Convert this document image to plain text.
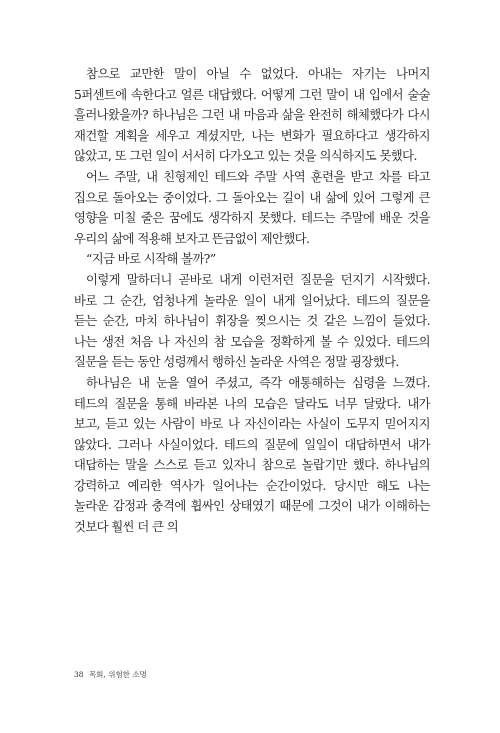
참으로 교만한 말이 아닐 수 없었다. 아내는 자기는 나머지 5퍼센트에 속한다고 얼른 대답했다. 어떻게 그런 말이 내 입에서 술술 흘러나왔을까? 하나님은 그런 내 마음과 삶을 완전히 해체했다가 다시 재건할 계획을 세우고 계셨지만, 나는 변화가 필요하다고 생각하지 않았고, 또 그런 일이 서서히 다가오고 있는 것을 의식하지도 못했다.

어느 주말, 내 친형제인 테드와 주말 사역 훈련을 받고 차를 타고 집으로 돌아오는 중이었다. 그 돌아오는 길이 내 삶에 있어 그렇게 큰 영향을 미칠 줄은 꿈에도 생각하지 못했다. 테드는 주말에 배운 것을 우리의 삶에 적용해 보자고 뜬금없이 제안했다.

“지금 바로 시작해 볼까?”

이렇게 말하더니 곧바로 내게 이런저런 질문을 던지기 시작했다. 바로 그 순간, 엄청나게 놀라운 일이 내게 일어났다. 테드의 질문을 듣는 순간, 마치 하나님이 휘장을 찢으시는 것 같은 느낌이 들었다. 나는 생전 처음 나 자신의 참 모습을 정확하게 볼 수 있었다. 테드의 질문을 듣는 동안 성령께서 행하신 놀라운 사역은 정말 굉장했다.

하나님은 내 눈을 열어 주셨고, 즉각 애통해하는 심령을 느꼈다. 테드의 질문을 통해 바라본 나의 모습은 달라도 너무 달랐다. 내가 보고, 듣고 있는 사람이 바로 나 자신이라는 사실이 도무지 믿어지지 않았다. 그러나 사실이었다. 테드의 질문에 일일이 대답하면서 내가 대답하는 말을 스스로 듣고 있자니 참으로 놀랍기만 했다. 하나님의 강력하고 예리한 역사가 일어나는 순간이었다. 당시만 해도 나는 놀라운 감정과 충격에 휩싸인 상태였기 때문에 그것이 내가 이해하는 것보다 훨씬 더 큰 의

38 목회, 위험한 소명
